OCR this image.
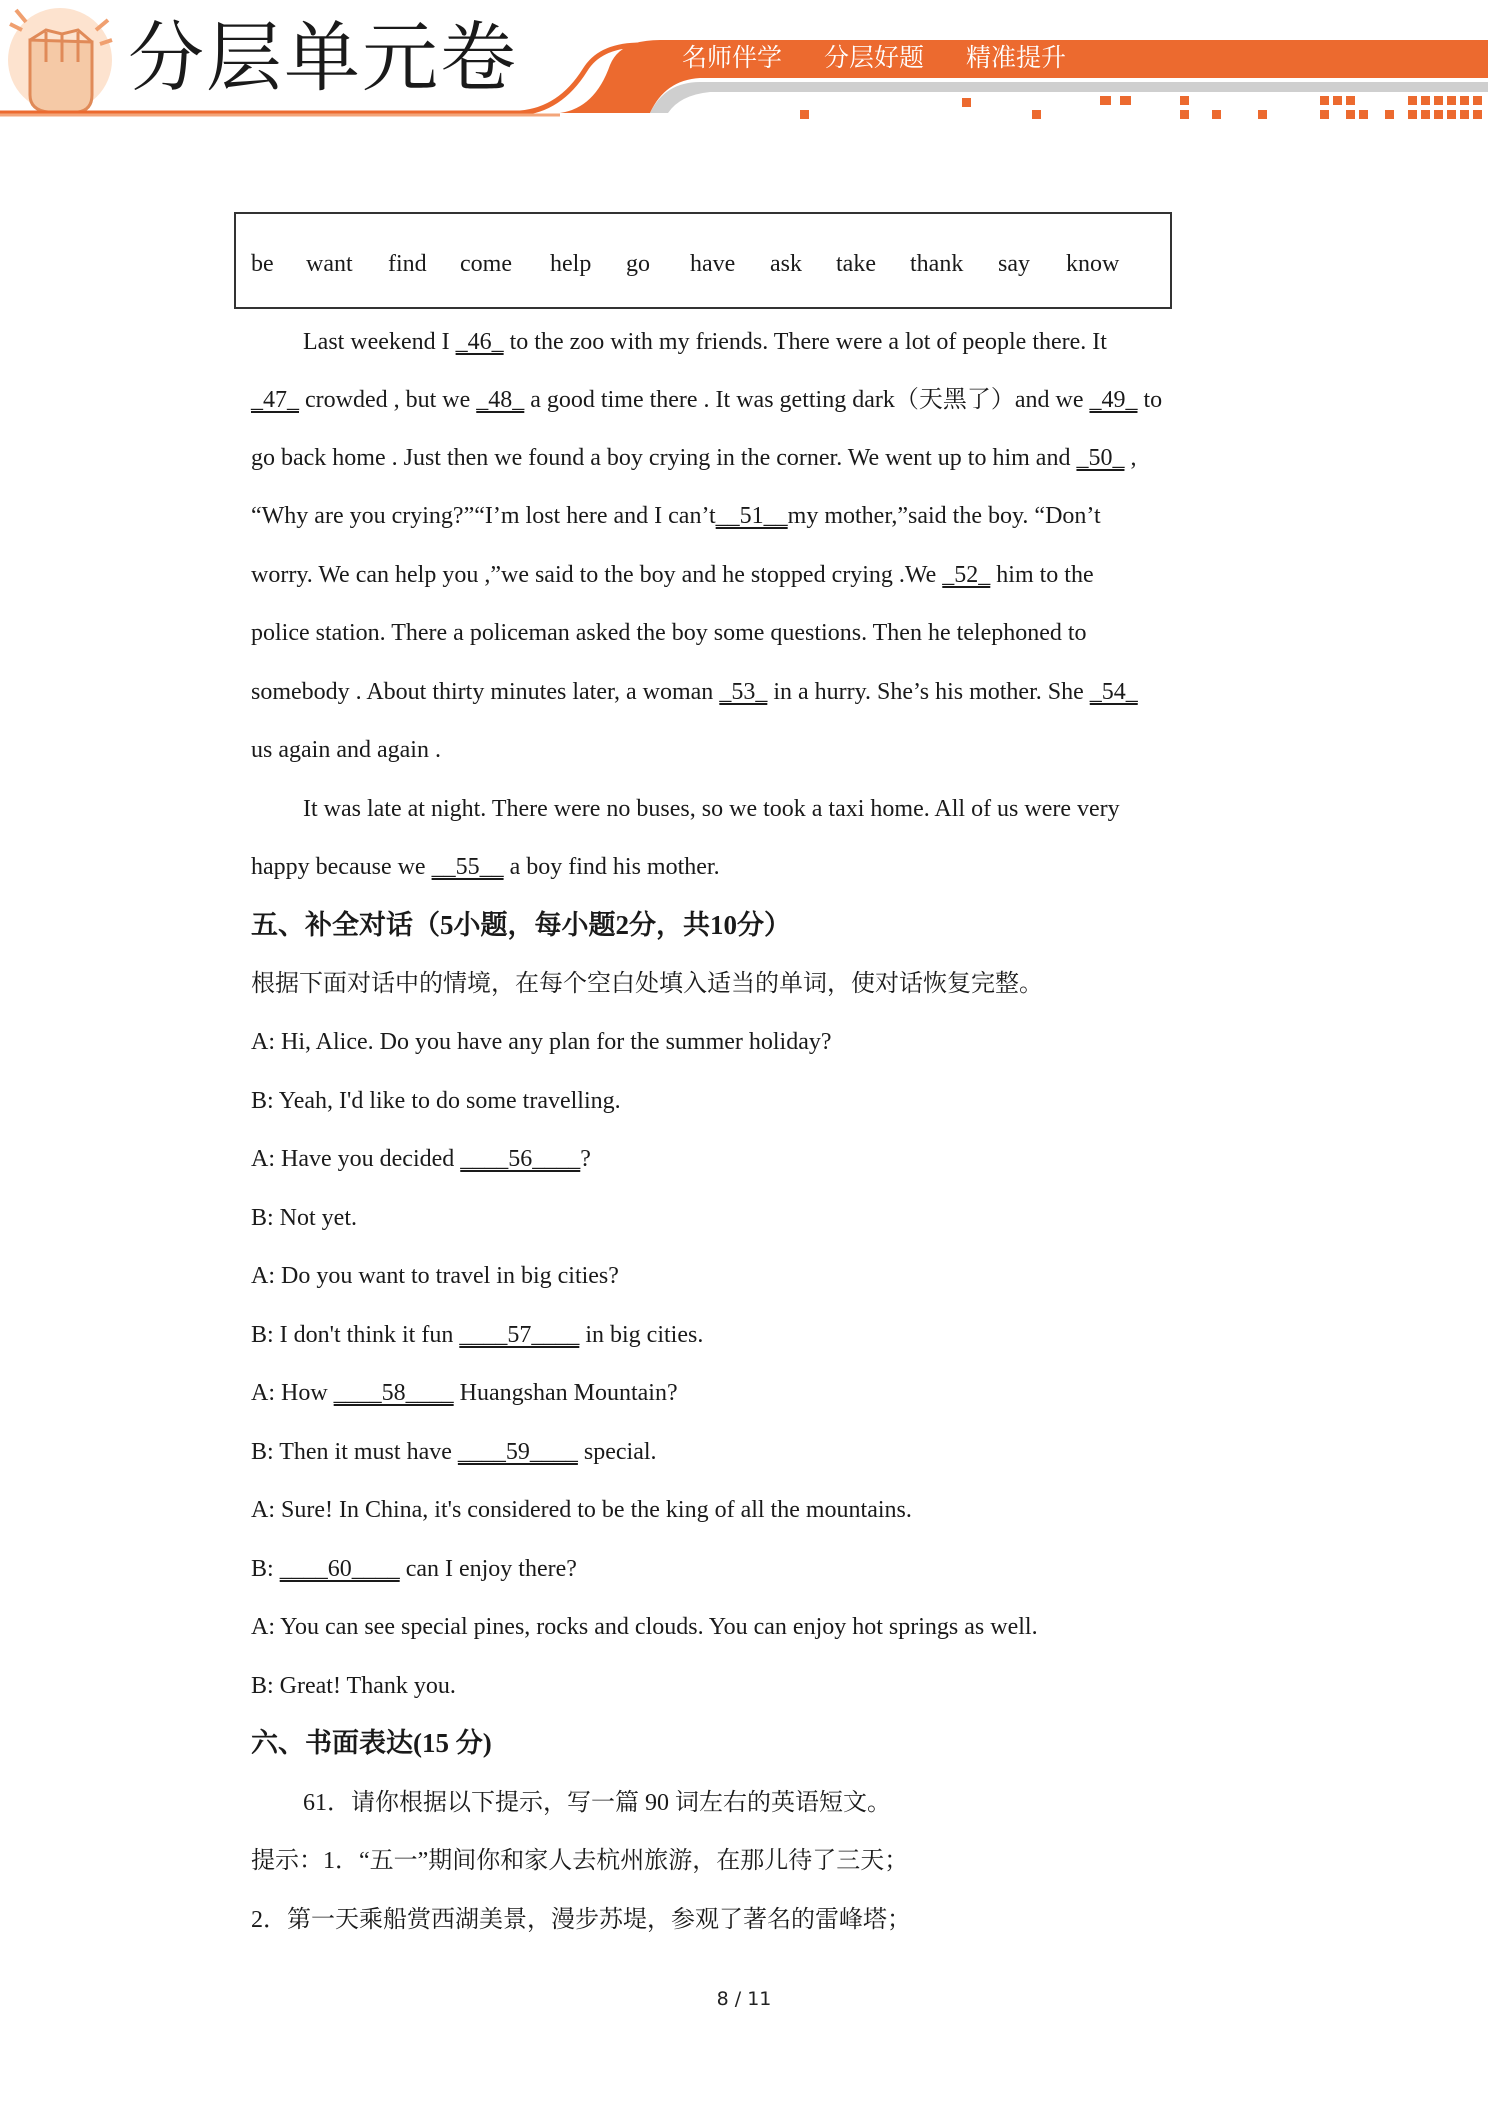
分层单元卷	名师伴学 分层好题 精准提升
be want find come help go have ask take thank say know
Last weekend I _46_ to the zoo with my friends. There were a lot of people there. It
_47_ crowded , but we _48_ a good time there . It was getting dark（天黑了）and we _49_ to
go back home . Just then we found a boy crying in the corner. We went up to him and _50_ ,
“Why are you crying?”“I’m lost here and I can’t__51__my mother,”said the boy. “Don’t
worry. We can help you ,”we said to the boy and he stopped crying .We _52_ him to the
police station. There a policeman asked the boy some questions. Then he telephoned to
somebody . About thirty minutes later, a woman _53_ in a hurry. She’s his mother. She _54_
us again and again .
It was late at night. There were no buses, so we took a taxi home. All of us were very
happy because we __55__ a boy find his mother.
五、补全对话（5小题，每小题2分，共10分）
根据下面对话中的情境，在每个空白处填入适当的单词，使对话恢复完整。
A: Hi, Alice. Do you have any plan for the summer holiday?
B: Yeah, I'd like to do some travelling.
A: Have you decided ____56____?
B: Not yet.
A: Do you want to travel in big cities?
B: I don't think it fun ____57____ in big cities.
A: How ____58____ Huangshan Mountain?
B: Then it must have ____59____ special.
A: Sure! In China, it's considered to be the king of all the mountains.
B: ____60____ can I enjoy there?
A: You can see special pines, rocks and clouds. You can enjoy hot springs as well.
B: Great! Thank you.
六、书面表达(15 分)
61．请你根据以下提示，写一篇 90 词左右的英语短文。
提示：1．“五一”期间你和家人去杭州旅游，在那儿待了三天；
2．第一天乘船赏西湖美景，漫步苏堤，参观了著名的雷峰塔；
8 / 11
